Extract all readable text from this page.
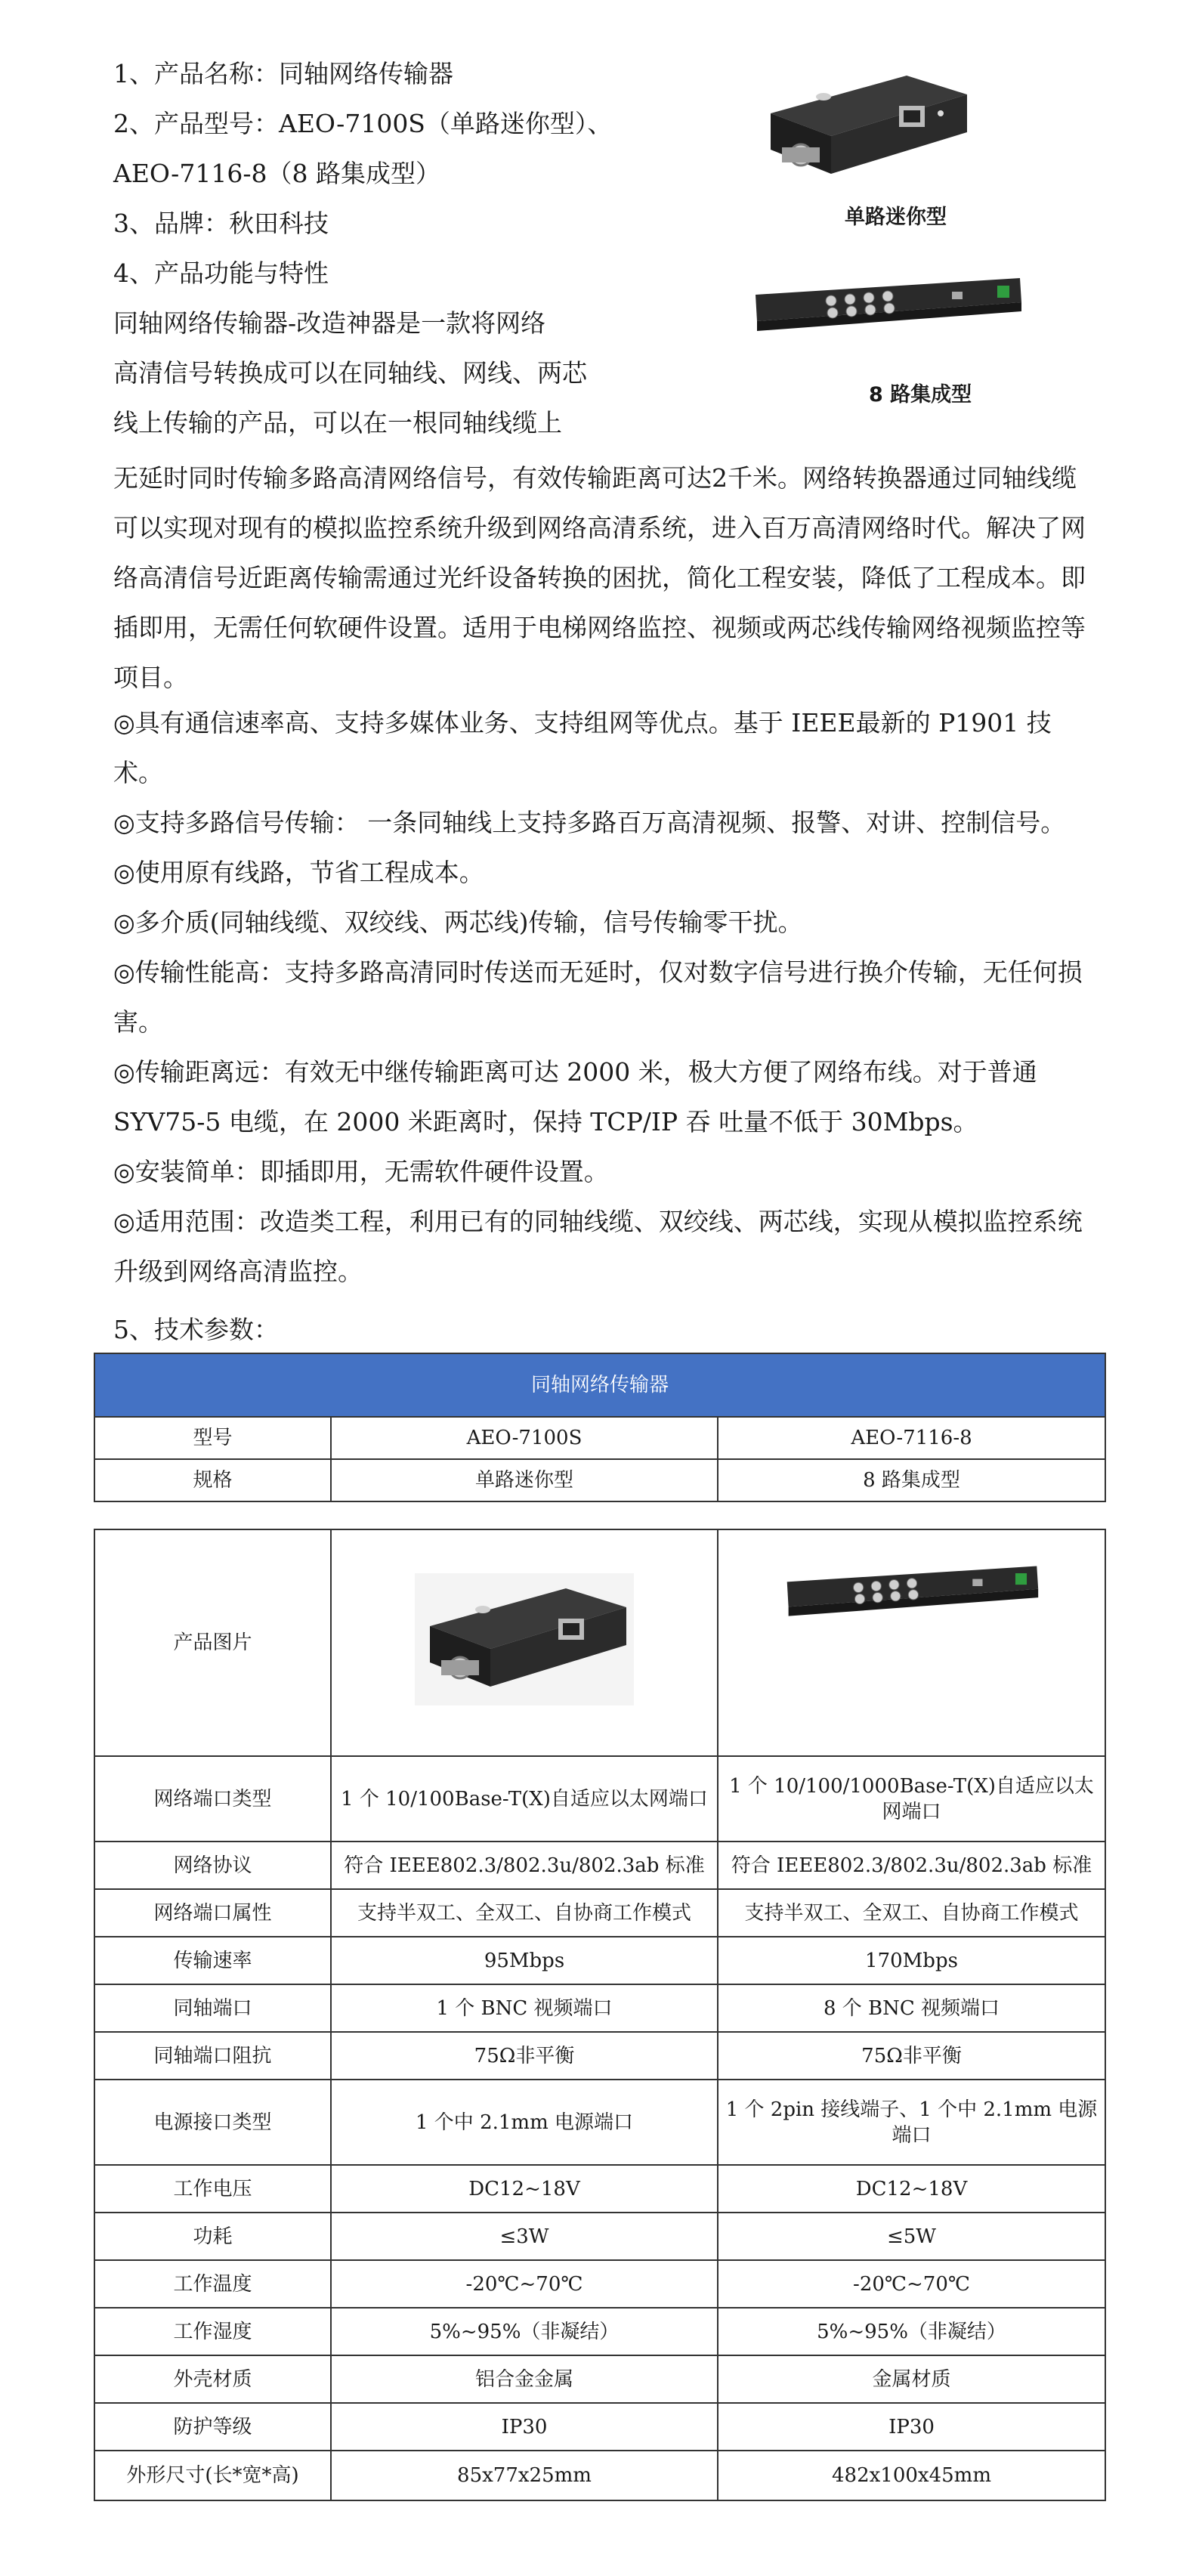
1、产品名称：同轴网络传输器
2、产品型号：AEO-7100S（单路迷你型）、
AEO-7116-8（8 路集成型）
3、品牌：秋田科技
4、产品功能与特性
同轴网络传输器-改造神器是一款将网络
高清信号转换成可以在同轴线、网线、两芯
线上传输的产品，可以在一根同轴线缆上
无延时同时传输多路高清网络信号，有效传输距离可达2千米。网络转换器通过同轴线缆可以实现对现有的模拟监控系统升级到网络高清系统，进入百万高清网络时代。解决了网络高清信号近距离传输需通过光纤设备转换的困扰，简化工程安装，降低了工程成本。即插即用，无需任何软硬件设置。适用于电梯网络监控、视频或两芯线传输网络视频监控等项目。
单路迷你型
8 路集成型
◎具有通信速率高、支持多媒体业务、支持组网等优点。基于 IEEE最新的 P1901 技术。
◎支持多路信号传输： 一条同轴线上支持多路百万高清视频、报警、对讲、控制信号。
◎使用原有线路，节省工程成本。
◎多介质(同轴线缆、双绞线、两芯线)传输，信号传输零干扰。
◎传输性能高：支持多路高清同时传送而无延时，仅对数字信号进行换介传输，无任何损害。
◎传输距离远：有效无中继传输距离可达 2000 米，极大方便了网络布线。对于普通 SYV75-5 电缆，在 2000 米距离时，保持 TCP/IP 吞 吐量不低于 30Mbps。
◎安装简单：即插即用，无需软件硬件设置。
◎适用范围：改造类工程，利用已有的同轴线缆、双绞线、两芯线，实现从模拟监控系统升级到网络高清监控。
5、技术参数：
同轴网络传输器		
型号	AEO-7100S	AEO-7116-8
规格	单路迷你型	8 路集成型
产品图片		
网络端口类型	1 个 10/100Base-T(X)自适应以太网端口	1 个 10/100/1000Base-T(X)自适应以太网端口
网络协议	符合 IEEE802.3/802.3u/802.3ab 标准	符合 IEEE802.3/802.3u/802.3ab 标准
网络端口属性	支持半双工、全双工、自协商工作模式	支持半双工、全双工、自协商工作模式
传输速率	95Mbps	170Mbps
同轴端口	1 个 BNC 视频端口	8 个 BNC 视频端口
同轴端口阻抗	75Ω非平衡	75Ω非平衡
电源接口类型	1 个中 2.1mm 电源端口	1 个 2pin 接线端子、1 个中 2.1mm 电源端口
工作电压	DC12~18V	DC12~18V
功耗	≤3W	≤5W
工作温度	-20℃~70℃	-20℃~70℃
工作湿度	5%~95%（非凝结）	5%~95%（非凝结）
外壳材质	铝合金金属	金属材质
防护等级	IP30	IP30
外形尺寸(长*宽*高)	85x77x25mm	482x100x45mm
